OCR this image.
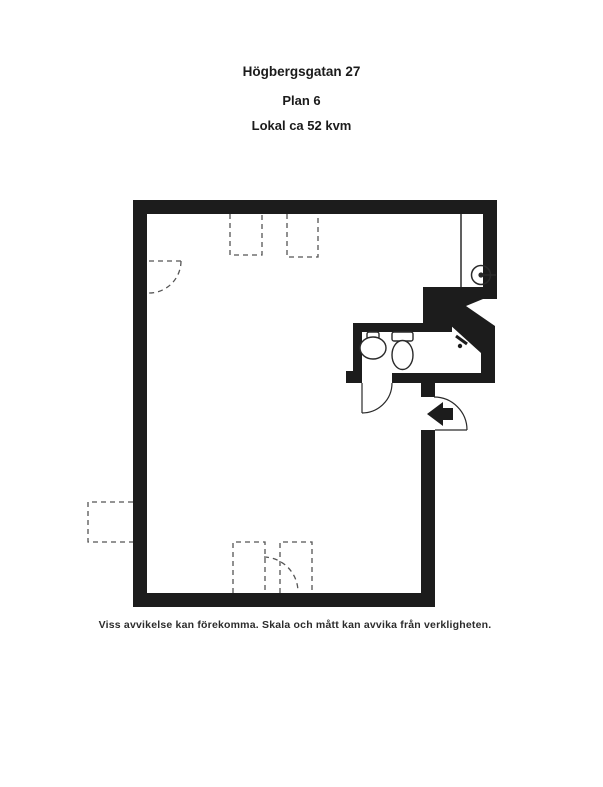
Högbergsgatan 27
Plan 6
Lokal ca 52 kvm
Viss avvikelse kan förekomma. Skala och mått kan avvika från verkligheten.
